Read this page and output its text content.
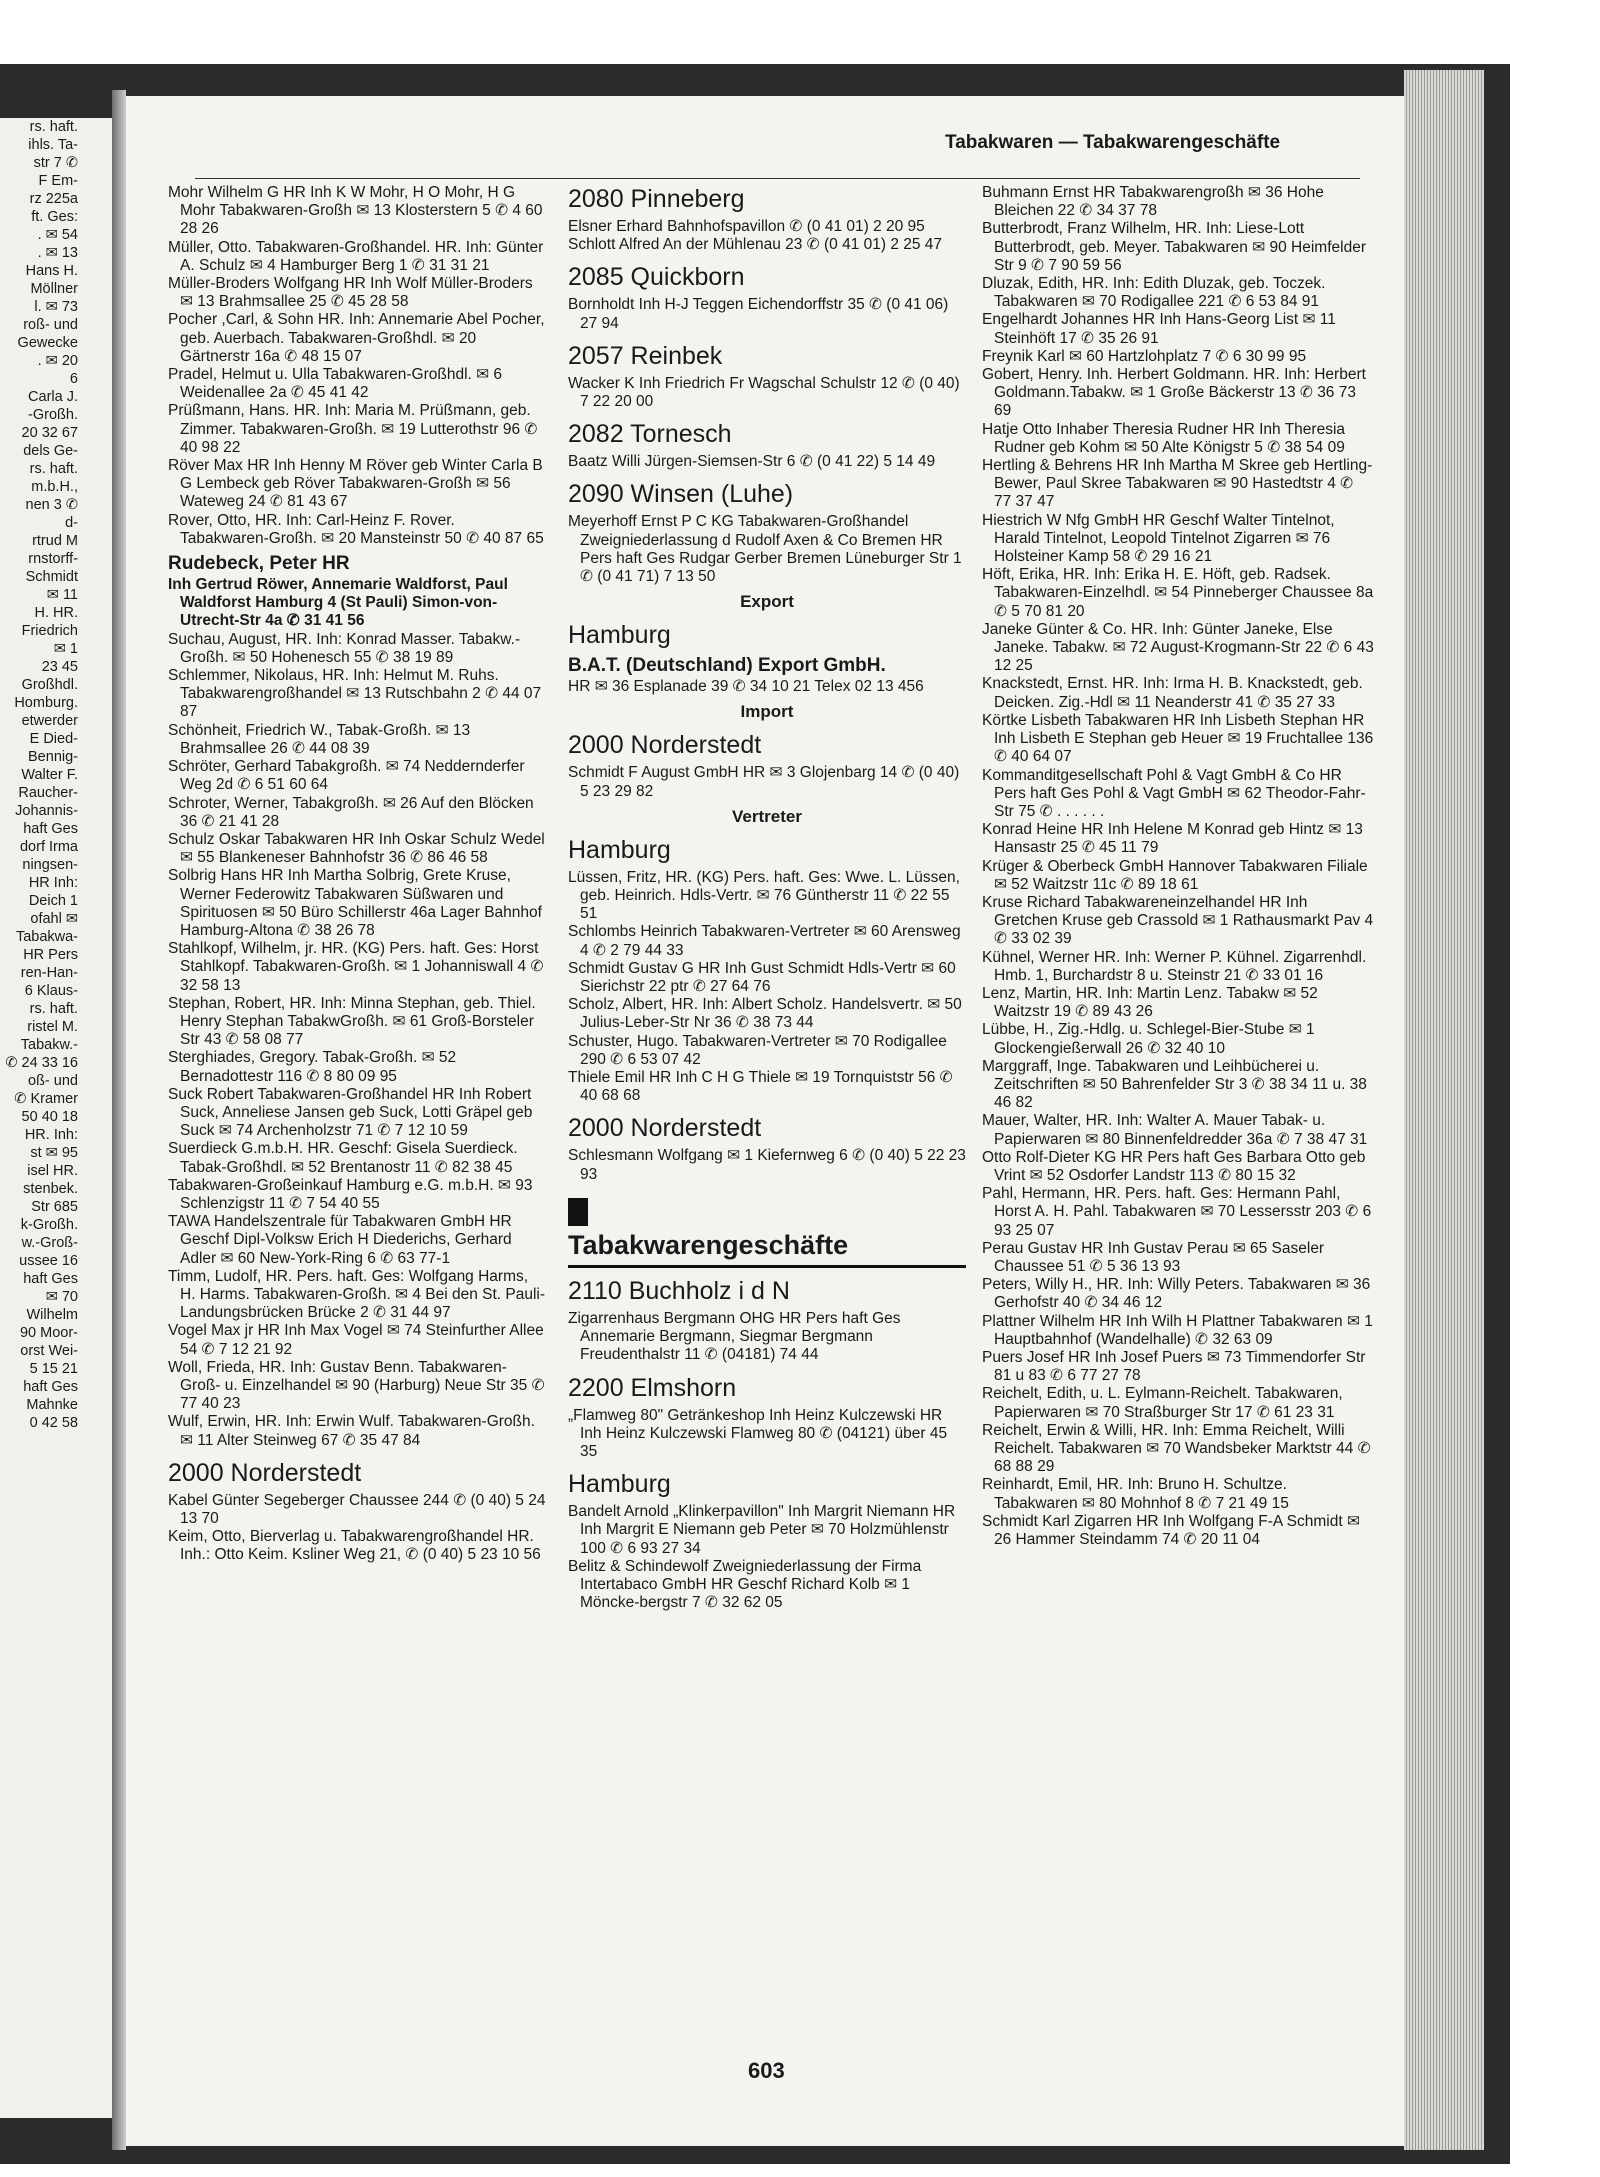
rs. haft.
ihls. Ta-
str 7 ✆
F Em-
rz 225a
ft. Ges:
. ✉ 54
. ✉ 13
Hans H.
Möllner
l. ✉ 73
roß- und
Gewecke
. ✉ 20
6
Carla J.
-Großh.
20 32 67
dels Ge-
rs. haft.
m.b.H.,
nen 3 ✆
d-
rtrud M
rnstorff-
Schmidt
✉ 11
H. HR.
Friedrich
✉ 1
23 45
Großhdl.
Homburg.
etwerder
E Died-
Bennig-
Walter F.
Raucher-
Johannis-
haft Ges
dorf Irma
ningsen-
HR Inh:
Deich 1
ofahl ✉
Tabakwa-
HR Pers
ren-Han-
6 Klaus-
rs. haft.
ristel M.
Tabakw.-
✆ 24 33 16
oß- und
✆ Kramer
50 40 18
HR. Inh:
st ✉ 95
isel HR.
stenbek.
Str 685
k-Großh.
w.-Groß-
ussee 16
haft Ges
✉ 70
Wilhelm
90 Moor-
orst Wei-
5 15 21
haft Ges
Mahnke
0 42 58
Tabakwaren — Tabakwarengeschäfte
Mohr Wilhelm G HR Inh K W Mohr, H O Mohr, H G Mohr Tabakwaren-Großh ✉ 13 Klosterstern 5 ✆ 4 60 28 26
Müller, Otto. Tabakwaren-Großhandel. HR. Inh: Günter A. Schulz ✉ 4 Hamburger Berg 1 ✆ 31 31 21
Müller-Broders Wolfgang HR Inh Wolf Müller-Broders ✉ 13 Brahmsallee 25 ✆ 45 28 58
Pocher ,Carl, & Sohn HR. Inh: Annemarie Abel Pocher, geb. Auerbach. Tabakwaren-Großhdl. ✉ 20 Gärtnerstr 16a ✆ 48 15 07
Pradel, Helmut u. Ulla Tabakwaren-Großhdl. ✉ 6 Weidenallee 2a ✆ 45 41 42
Prüßmann, Hans. HR. Inh: Maria M. Prüßmann, geb. Zimmer. Tabakwaren-Großh. ✉ 19 Lutterothstr 96 ✆ 40 98 22
Röver Max HR Inh Henny M Röver geb Winter Carla B G Lembeck geb Röver Tabakwaren-Großh ✉ 56 Wateweg 24 ✆ 81 43 67
Rover, Otto, HR. Inh: Carl-Heinz F. Rover. Tabakwaren-Großh. ✉ 20 Mansteinstr 50 ✆ 40 87 65
Rudebeck, Peter HR
Inh Gertrud Röwer, Annemarie Waldforst, Paul Waldforst Hamburg 4 (St Pauli) Simon-von-Utrecht-Str 4a ✆ 31 41 56
Suchau, August, HR. Inh: Konrad Masser. Tabakw.-Großh. ✉ 50 Hohenesch 55 ✆ 38 19 89
Schlemmer, Nikolaus, HR. Inh: Helmut M. Ruhs. Tabakwarengroßhandel ✉ 13 Rutschbahn 2 ✆ 44 07 87
Schönheit, Friedrich W., Tabak-Großh. ✉ 13 Brahmsallee 26 ✆ 44 08 39
Schröter, Gerhard Tabakgroßh. ✉ 74 Neddernderfer Weg 2d ✆ 6 51 60 64
Schroter, Werner, Tabakgroßh. ✉ 26 Auf den Blöcken 36 ✆ 21 41 28
Schulz Oskar Tabakwaren HR Inh Oskar Schulz Wedel ✉ 55 Blankeneser Bahnhofstr 36 ✆ 86 46 58
Solbrig Hans HR Inh Martha Solbrig, Grete Kruse, Werner Federowitz Tabakwaren Süßwaren und Spirituosen ✉ 50 Büro Schillerstr 46a Lager Bahnhof Hamburg-Altona ✆ 38 26 78
Stahlkopf, Wilhelm, jr. HR. (KG) Pers. haft. Ges: Horst Stahlkopf. Tabakwaren-Großh. ✉ 1 Johanniswall 4 ✆ 32 58 13
Stephan, Robert, HR. Inh: Minna Stephan, geb. Thiel. Henry Stephan TabakwGroßh. ✉ 61 Groß-Borsteler Str 43 ✆ 58 08 77
Sterghiades, Gregory. Tabak-Großh. ✉ 52 Bernadottestr 116 ✆ 8 80 09 95
Suck Robert Tabakwaren-Großhandel HR Inh Robert Suck, Anneliese Jansen geb Suck, Lotti Gräpel geb Suck ✉ 74 Archenholzstr 71 ✆ 7 12 10 59
Suerdieck G.m.b.H. HR. Geschf: Gisela Suerdieck. Tabak-Großhdl. ✉ 52 Brentanostr 11 ✆ 82 38 45
Tabakwaren-Großeinkauf Hamburg e.G. m.b.H. ✉ 93 Schlenzigstr 11 ✆ 7 54 40 55
TAWA Handelszentrale für Tabakwaren GmbH HR Geschf Dipl-Volksw Erich H Diederichs, Gerhard Adler ✉ 60 New-York-Ring 6 ✆ 63 77-1
Timm, Ludolf, HR. Pers. haft. Ges: Wolfgang Harms, H. Harms. Tabakwaren-Großh. ✉ 4 Bei den St. Pauli-Landungsbrücken Brücke 2 ✆ 31 44 97
Vogel Max jr HR Inh Max Vogel ✉ 74 Steinfurther Allee 54 ✆ 7 12 21 92
Woll, Frieda, HR. Inh: Gustav Benn. Tabakwaren-Groß- u. Einzelhandel ✉ 90 (Harburg) Neue Str 35 ✆ 77 40 23
Wulf, Erwin, HR. Inh: Erwin Wulf. Tabakwaren-Großh. ✉ 11 Alter Steinweg 67 ✆ 35 47 84
2000 Norderstedt
Kabel Günter Segeberger Chaussee 244 ✆ (0 40) 5 24 13 70
Keim, Otto, Bierverlag u. Tabakwarengroßhandel HR. Inh.: Otto Keim. Ksliner Weg 21, ✆ (0 40) 5 23 10 56
2080 Pinneberg
Elsner Erhard Bahnhofspavillon ✆ (0 41 01) 2 20 95
Schlott Alfred An der Mühlenau 23 ✆ (0 41 01) 2 25 47
2085 Quickborn
Bornholdt Inh H-J Teggen Eichendorffstr 35 ✆ (0 41 06) 27 94
2057 Reinbek
Wacker K Inh Friedrich Fr Wagschal Schulstr 12 ✆ (0 40) 7 22 20 00
2082 Tornesch
Baatz Willi Jürgen-Siemsen-Str 6 ✆ (0 41 22) 5 14 49
2090 Winsen (Luhe)
Meyerhoff Ernst P C KG Tabakwaren-Großhandel Zweigniederlassung d Rudolf Axen & Co Bremen HR Pers haft Ges Rudgar Gerber Bremen Lüneburger Str 1 ✆ (0 41 71) 7 13 50
Export
Hamburg
B.A.T. (Deutschland) Export GmbH.
HR ✉ 36 Esplanade 39 ✆ 34 10 21 Telex 02 13 456
Import
2000 Norderstedt
Schmidt F August GmbH HR ✉ 3 Glojenbarg 14 ✆ (0 40) 5 23 29 82
Vertreter
Hamburg
Lüssen, Fritz, HR. (KG) Pers. haft. Ges: Wwe. L. Lüssen, geb. Heinrich. Hdls-Vertr. ✉ 76 Güntherstr 11 ✆ 22 55 51
Schlombs Heinrich Tabakwaren-Vertreter ✉ 60 Arensweg 4 ✆ 2 79 44 33
Schmidt Gustav G HR Inh Gust Schmidt Hdls-Vertr ✉ 60 Sierichstr 22 ptr ✆ 27 64 76
Scholz, Albert, HR. Inh: Albert Scholz. Handelsvertr. ✉ 50 Julius-Leber-Str Nr 36 ✆ 38 73 44
Schuster, Hugo. Tabakwaren-Vertreter ✉ 70 Rodigallee 290 ✆ 6 53 07 42
Thiele Emil HR Inh C H G Thiele ✉ 19 Tornquiststr 56 ✆ 40 68 68
2000 Norderstedt
Schlesmann Wolfgang ✉ 1 Kiefernweg 6 ✆ (0 40) 5 22 23 93
Tabakwarengeschäfte
2110 Buchholz i d N
Zigarrenhaus Bergmann OHG HR Pers haft Ges Annemarie Bergmann, Siegmar Bergmann Freudenthalstr 11 ✆ (04181) 74 44
2200 Elmshorn
„Flamweg 80" Getränkeshop Inh Heinz Kulczewski HR Inh Heinz Kulczewski Flamweg 80 ✆ (04121) über 45 35
Hamburg
Bandelt Arnold „Klinkerpavillon" Inh Margrit Niemann HR Inh Margrit E Niemann geb Peter ✉ 70 Holzmühlenstr 100 ✆ 6 93 27 34
Belitz & Schindewolf Zweigniederlassung der Firma Intertabaco GmbH HR Geschf Richard Kolb ✉ 1 Möncke-bergstr 7 ✆ 32 62 05
Buhmann Ernst HR Tabakwarengroßh ✉ 36 Hohe Bleichen 22 ✆ 34 37 78
Butterbrodt, Franz Wilhelm, HR. Inh: Liese-Lott Butterbrodt, geb. Meyer. Tabakwaren ✉ 90 Heimfelder Str 9 ✆ 7 90 59 56
Dluzak, Edith, HR. Inh: Edith Dluzak, geb. Toczek. Tabakwaren ✉ 70 Rodigallee 221 ✆ 6 53 84 91
Engelhardt Johannes HR Inh Hans-Georg List ✉ 11 Steinhöft 17 ✆ 35 26 91
Freynik Karl ✉ 60 Hartzlohplatz 7 ✆ 6 30 99 95
Gobert, Henry. Inh. Herbert Goldmann. HR. Inh: Herbert Goldmann.Tabakw. ✉ 1 Große Bäckerstr 13 ✆ 36 73 69
Hatje Otto Inhaber Theresia Rudner HR Inh Theresia Rudner geb Kohm ✉ 50 Alte Königstr 5 ✆ 38 54 09
Hertling & Behrens HR Inh Martha M Skree geb Hertling-Bewer, Paul Skree Tabakwaren ✉ 90 Hastedtstr 4 ✆ 77 37 47
Hiestrich W Nfg GmbH HR Geschf Walter Tintelnot, Harald Tintelnot, Leopold Tintelnot Zigarren ✉ 76 Holsteiner Kamp 58 ✆ 29 16 21
Höft, Erika, HR. Inh: Erika H. E. Höft, geb. Radsek. Tabakwaren-Einzelhdl. ✉ 54 Pinneberger Chaussee 8a ✆ 5 70 81 20
Janeke Günter & Co. HR. Inh: Günter Janeke, Else Janeke. Tabakw. ✉ 72 August-Krogmann-Str 22 ✆ 6 43 12 25
Knackstedt, Ernst. HR. Inh: Irma H. B. Knackstedt, geb. Deicken. Zig.-Hdl ✉ 11 Neanderstr 41 ✆ 35 27 33
Körtke Lisbeth Tabakwaren HR Inh Lisbeth Stephan HR Inh Lisbeth E Stephan geb Heuer ✉ 19 Fruchtallee 136 ✆ 40 64 07
Kommanditgesellschaft Pohl & Vagt GmbH & Co HR Pers haft Ges Pohl & Vagt GmbH ✉ 62 Theodor-Fahr-Str 75 ✆ . . . . . .
Konrad Heine HR Inh Helene M Konrad geb Hintz ✉ 13 Hansastr 25 ✆ 45 11 79
Krüger & Oberbeck GmbH Hannover Tabakwaren Filiale ✉ 52 Waitzstr 11c ✆ 89 18 61
Kruse Richard Tabakwareneinzelhandel HR Inh Gretchen Kruse geb Crassold ✉ 1 Rathausmarkt Pav 4 ✆ 33 02 39
Kühnel, Werner HR. Inh: Werner P. Kühnel. Zigarrenhdl. Hmb. 1, Burchardstr 8 u. Steinstr 21 ✆ 33 01 16
Lenz, Martin, HR. Inh: Martin Lenz. Tabakw ✉ 52 Waitzstr 19 ✆ 89 43 26
Lübbe, H., Zig.-Hdlg. u. Schlegel-Bier-Stube ✉ 1 Glockengießerwall 26 ✆ 32 40 10
Marggraff, Inge. Tabakwaren und Leihbücherei u. Zeitschriften ✉ 50 Bahrenfelder Str 3 ✆ 38 34 11 u. 38 46 82
Mauer, Walter, HR. Inh: Walter A. Mauer Tabak- u. Papierwaren ✉ 80 Binnenfeldredder 36a ✆ 7 38 47 31
Otto Rolf-Dieter KG HR Pers haft Ges Barbara Otto geb Vrint ✉ 52 Osdorfer Landstr 113 ✆ 80 15 32
Pahl, Hermann, HR. Pers. haft. Ges: Hermann Pahl, Horst A. H. Pahl. Tabakwaren ✉ 70 Lessersstr 203 ✆ 6 93 25 07
Perau Gustav HR Inh Gustav Perau ✉ 65 Saseler Chaussee 51 ✆ 5 36 13 93
Peters, Willy H., HR. Inh: Willy Peters. Tabakwaren ✉ 36 Gerhofstr 40 ✆ 34 46 12
Plattner Wilhelm HR Inh Wilh H Plattner Tabakwaren ✉ 1 Hauptbahnhof (Wandelhalle) ✆ 32 63 09
Puers Josef HR Inh Josef Puers ✉ 73 Timmendorfer Str 81 u 83 ✆ 6 77 27 78
Reichelt, Edith, u. L. Eylmann-Reichelt. Tabakwaren, Papierwaren ✉ 70 Straßburger Str 17 ✆ 61 23 31
Reichelt, Erwin & Willi, HR. Inh: Emma Reichelt, Willi Reichelt. Tabakwaren ✉ 70 Wandsbeker Marktstr 44 ✆ 68 88 29
Reinhardt, Emil, HR. Inh: Bruno H. Schultze. Tabakwaren ✉ 80 Mohnhof 8 ✆ 7 21 49 15
Schmidt Karl Zigarren HR Inh Wolfgang F-A Schmidt ✉ 26 Hammer Steindamm 74 ✆ 20 11 04
603
